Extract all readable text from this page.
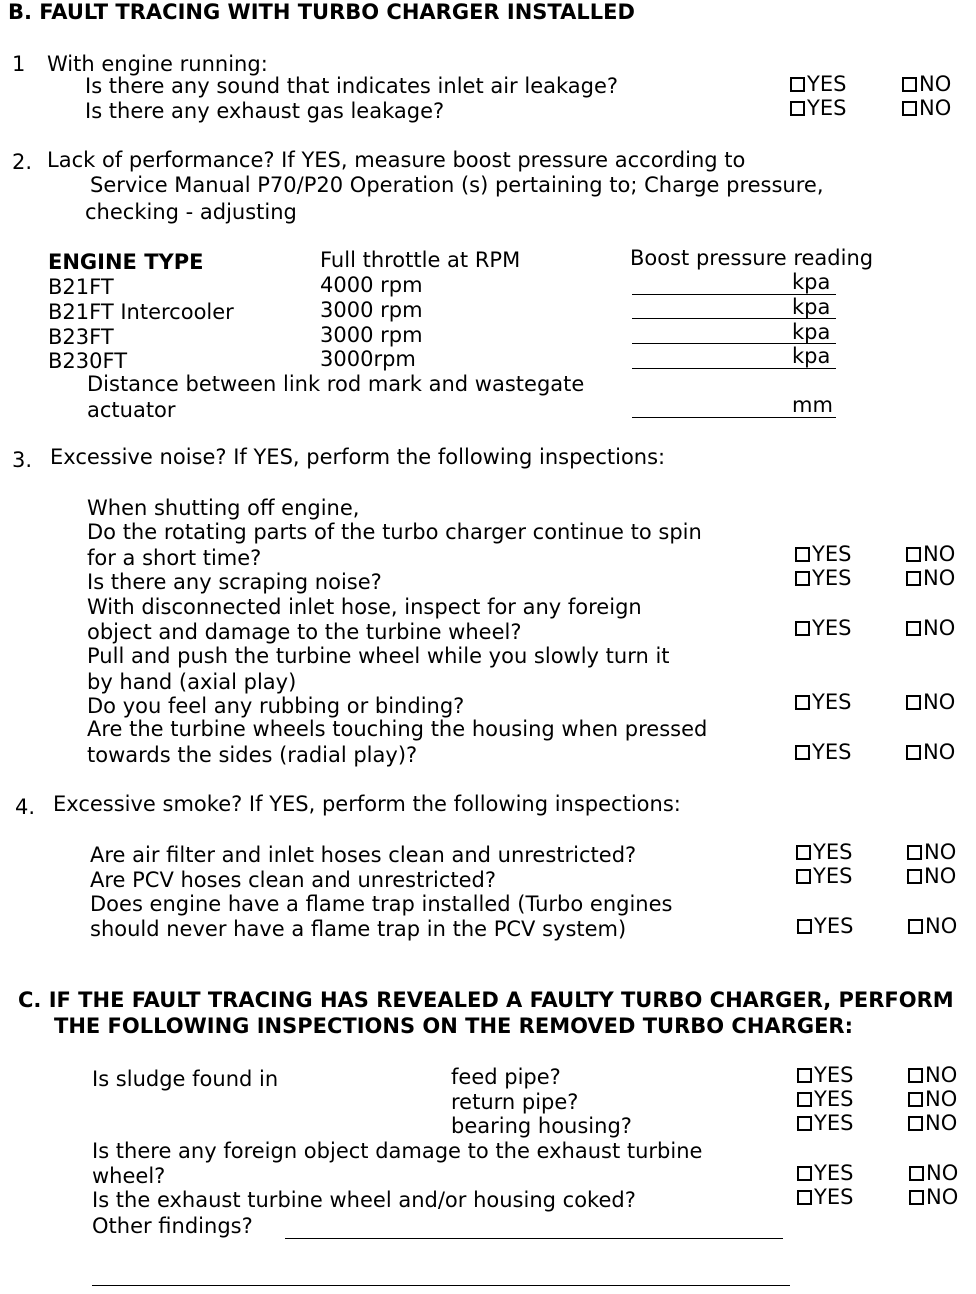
B. FAULT TRACING WITH TURBO CHARGER INSTALLED
1 With engine running:
Is there any sound that indicates inlet air leakage?	YES	NO
Is there any exhaust gas leakage?	YES	NO
2. Lack of performance? If YES, measure boost pressure according to
Service Manual P70/P20 Operation (s) pertaining to; Charge pressure,
checking - adjusting
ENGINE TYPE	Full throttle at RPM	Boost pressure reading
B21FT	4000 rpm	kpa
B21FT Intercooler	3000 rpm	kpa
B23FT	3000 rpm	kpa
B230FT	3000rpm	kpa
Distance between link rod mark and wastegate
actuator	mm
3. Excessive noise? If YES, perform the following inspections:
When shutting off engine,
Do the rotating parts of the turbo charger continue to spin
for a short time?	YES	NO
Is there any scraping noise?	YES	NO
With disconnected inlet hose, inspect for any foreign
object and damage to the turbine wheel?	YES	NO
Pull and push the turbine wheel while you slowly turn it
by hand (axial play)
Do you feel any rubbing or binding?	YES	NO
Are the turbine wheels touching the housing when pressed
towards the sides (radial play)?	YES	NO
4. Excessive smoke? If YES, perform the following inspections:
Are air filter and inlet hoses clean and unrestricted?	YES	NO
Are PCV hoses clean and unrestricted?	YES	NO
Does engine have a flame trap installed (Turbo engines
should never have a flame trap in the PCV system)	YES	NO
C. IF THE FAULT TRACING HAS REVEALED A FAULTY TURBO CHARGER, PERFORM
THE FOLLOWING INSPECTIONS ON THE REMOVED TURBO CHARGER:
Is sludge found in	feed pipe?	YES	NO
return pipe?	YES	NO
bearing housing?	YES	NO
Is there any foreign object damage to the exhaust turbine
wheel?	YES	NO
Is the exhaust turbine wheel and/or housing coked?	YES	NO
Other findings?
